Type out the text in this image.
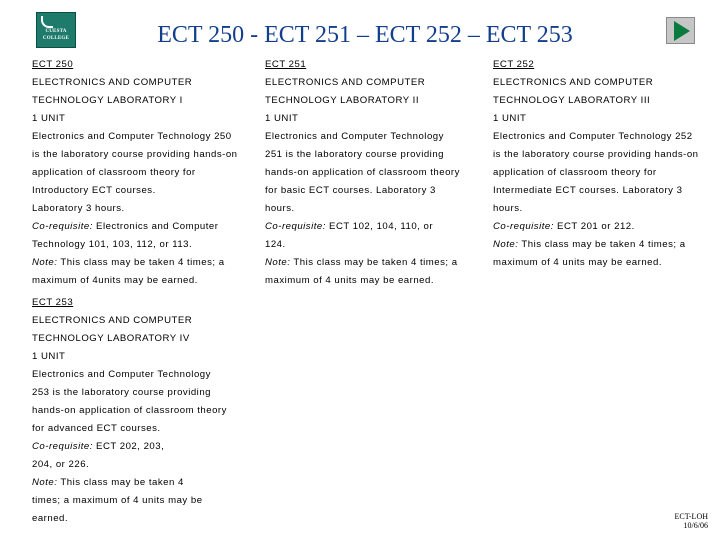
CUESTA
COLLEGE	ECT 250 - ECT 251 – ECT 252 – ECT 253
ECT 250
ELECTRONICS AND COMPUTER
TECHNOLOGY LABORATORY I
1 UNIT
Electronics and Computer Technology 250
is the laboratory course providing hands-on
application of classroom theory for
Introductory ECT courses.
Laboratory 3 hours.
Co-requisite: Electronics and Computer
Technology 101, 103, 112, or 113.
Note: This class may be taken 4 times; a
maximum of 4units may be earned.
ECT 251
ELECTRONICS AND COMPUTER
TECHNOLOGY LABORATORY II
1 UNIT
Electronics and Computer Technology
251 is the laboratory course providing
hands-on application of classroom theory
for basic ECT courses. Laboratory 3
hours.
Co-requisite: ECT 102, 104, 110, or
124.
Note: This class may be taken 4 times; a
maximum of 4 units may be earned.
ECT 252
ELECTRONICS AND COMPUTER
TECHNOLOGY LABORATORY III
1 UNIT
Electronics and Computer Technology 252
is the laboratory course providing hands-on
application of classroom theory for
Intermediate ECT courses. Laboratory 3
hours.
Co-requisite: ECT 201 or 212.
Note: This class may be taken 4 times; a
maximum of 4 units may be earned.
ECT 253
ELECTRONICS AND COMPUTER
TECHNOLOGY LABORATORY IV
1 UNIT
Electronics and Computer Technology
253 is the laboratory course providing
hands-on application of classroom theory
for advanced ECT courses.
Co-requisite: ECT 202, 203,
204, or 226.
Note: This class may be taken 4
times; a maximum of 4 units may be
earned.	ECT-LOH
10/6/06
